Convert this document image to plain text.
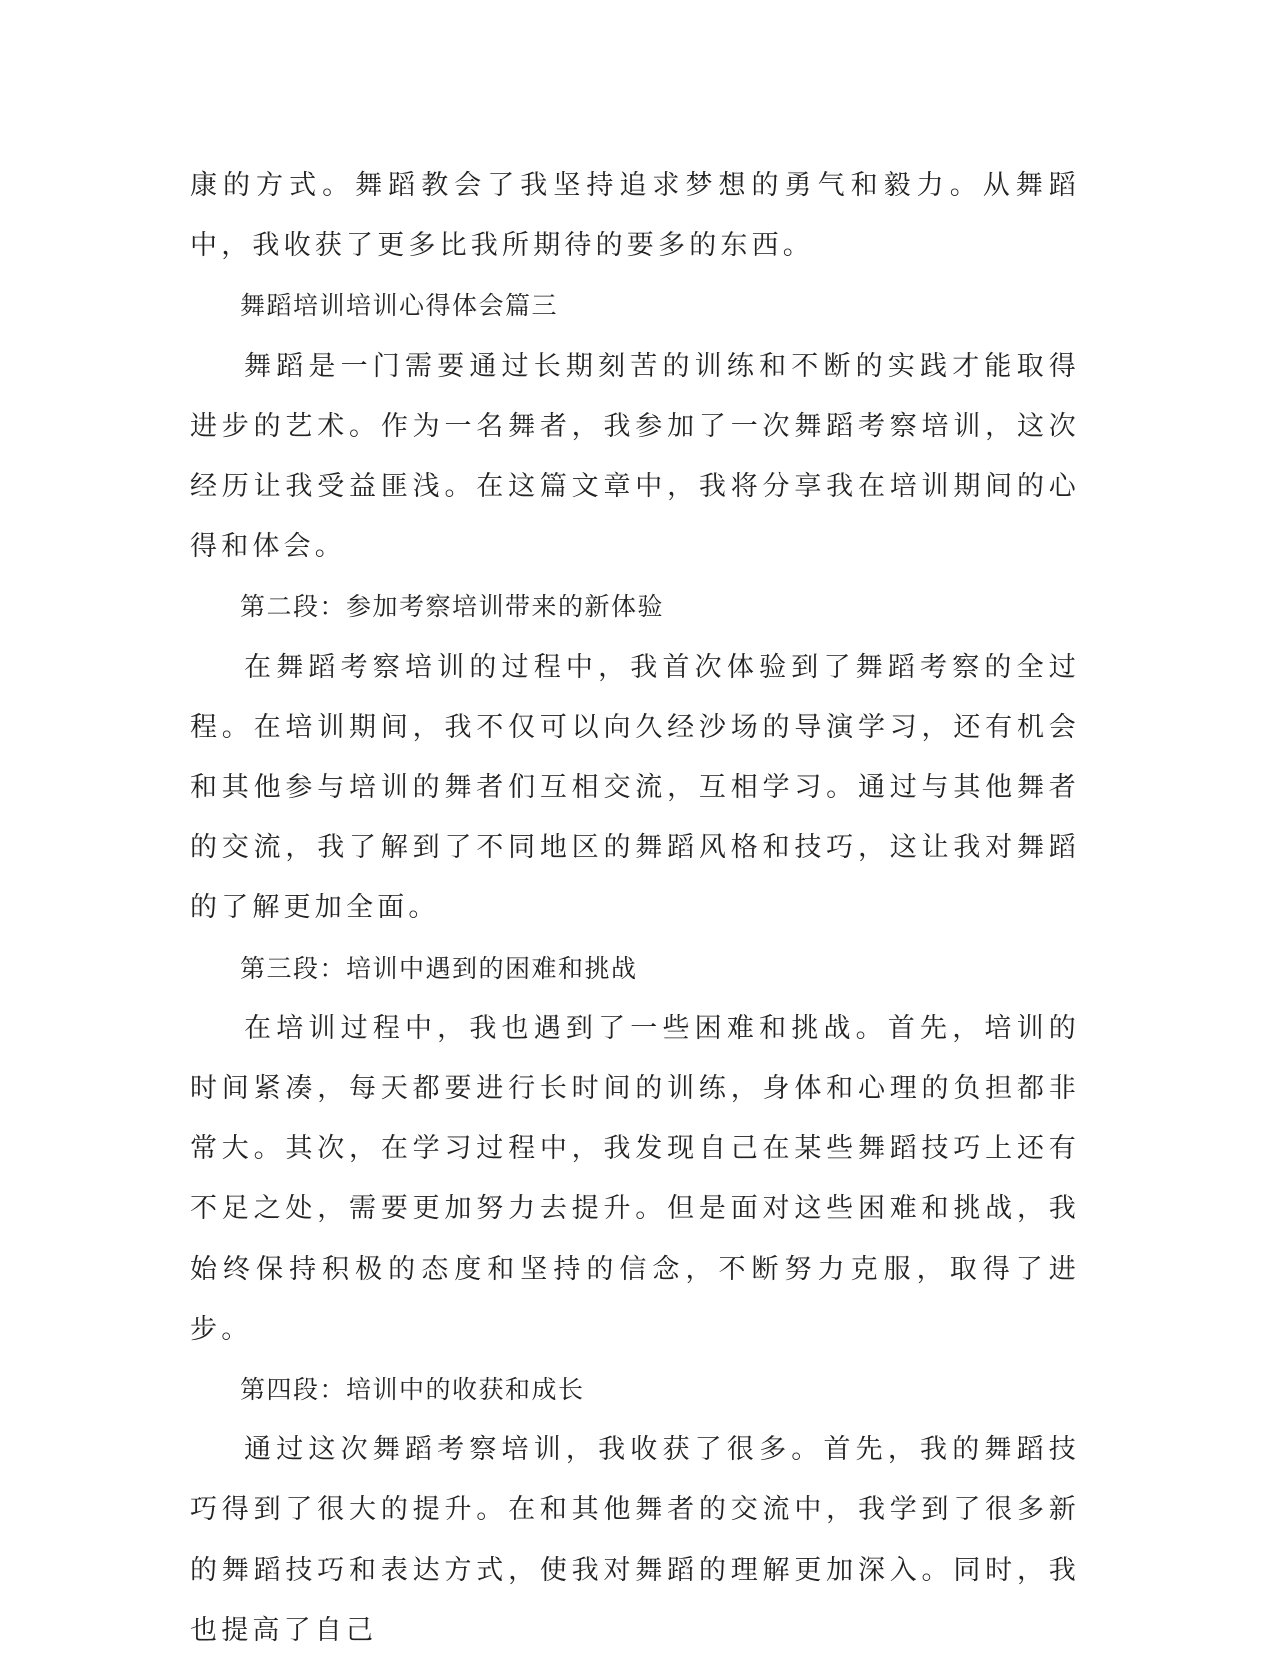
康的方式。舞蹈教会了我坚持追求梦想的勇气和毅力。从舞蹈中，我收获了更多比我所期待的要多的东西。

舞蹈培训培训心得体会篇三

舞蹈是一门需要通过长期刻苦的训练和不断的实践才能取得进步的艺术。作为一名舞者，我参加了一次舞蹈考察培训，这次经历让我受益匪浅。在这篇文章中，我将分享我在培训期间的心得和体会。

第二段：参加考察培训带来的新体验

在舞蹈考察培训的过程中，我首次体验到了舞蹈考察的全过程。在培训期间，我不仅可以向久经沙场的导演学习，还有机会和其他参与培训的舞者们互相交流，互相学习。通过与其他舞者的交流，我了解到了不同地区的舞蹈风格和技巧，这让我对舞蹈的了解更加全面。

第三段：培训中遇到的困难和挑战

在培训过程中，我也遇到了一些困难和挑战。首先，培训的时间紧凑，每天都要进行长时间的训练，身体和心理的负担都非常大。其次，在学习过程中，我发现自己在某些舞蹈技巧上还有不足之处，需要更加努力去提升。但是面对这些困难和挑战，我始终保持积极的态度和坚持的信念，不断努力克服，取得了进步。

第四段：培训中的收获和成长

通过这次舞蹈考察培训，我收获了很多。首先，我的舞蹈技巧得到了很大的提升。在和其他舞者的交流中，我学到了很多新的舞蹈技巧和表达方式，使我对舞蹈的理解更加深入。同时，我也提高了自己
